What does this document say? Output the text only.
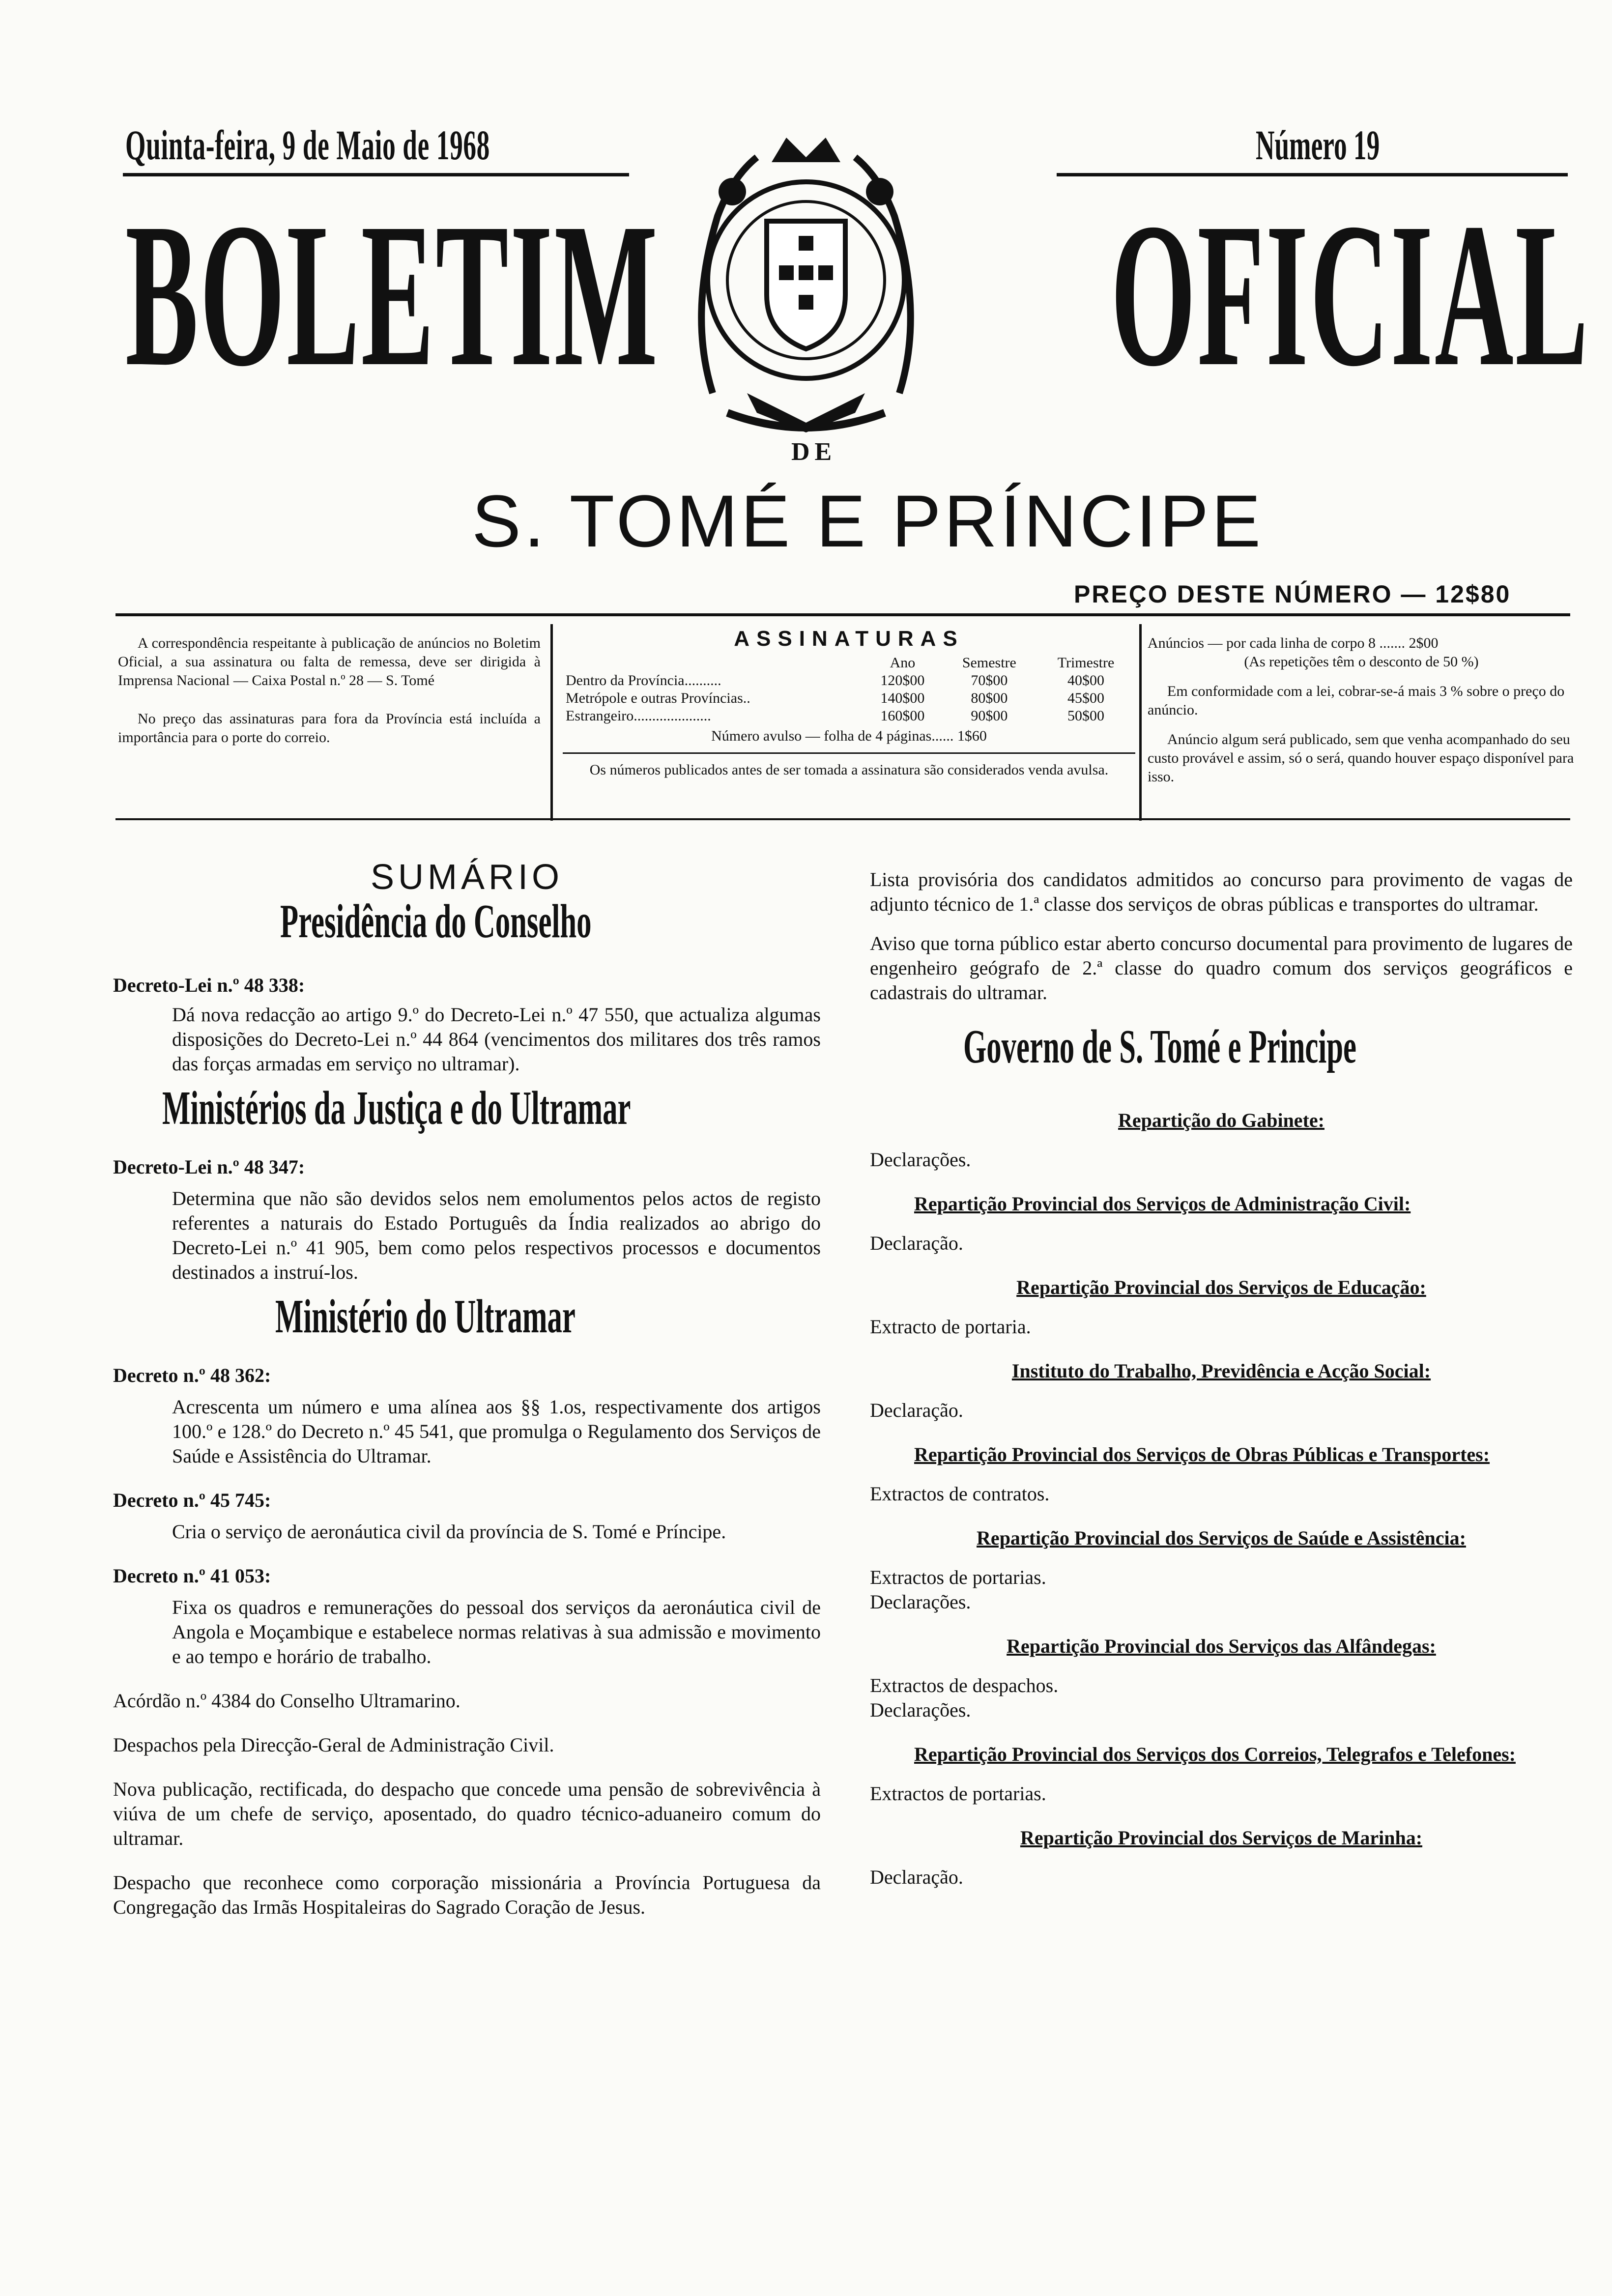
Quinta-feira, 9 de Maio de 1968	Número 19
BOLETIM OFICIAL
DE
S. TOMÉ E PRÍNCIPE
PREÇO DESTE NÚMERO — 12$80
A correspondência respeitante à publicação de anúncios no Boletim Oficial, a sua assinatura ou falta de remessa, deve ser dirigida à Imprensa Nacional — Caixa Postal n.º 28 — S. Tomé
No preço das assinaturas para fora da Província está incluída a importância para o porte do correio.
ASSINATURAS
	Ano	Semestre	Trimestre
Dentro da Província..........	120$00	70$00	40$00
Metrópole e outras Províncias..	140$00	80$00	45$00
Estrangeiro.....................	160$00	90$00	50$00
Número avulso — folha de 4 páginas...... 1$60
Os números publicados antes de ser tomada a assinatura são considerados venda avulsa.
Anúncios — por cada linha de corpo 8 ....... 2$00
(As repetições têm o desconto de 50 %)
Em conformidade com a lei, cobrar-se-á mais 3 % sobre o preço do anúncio.
Anúncio algum será publicado, sem que venha acompanhado do seu custo provável e assim, só o será, quando houver espaço disponível para isso.
SUMÁRIO
Presidência do Conselho
Decreto-Lei n.º 48 338:
Dá nova redacção ao artigo 9.º do Decreto-Lei n.º 47 550, que actualiza algumas disposições do Decreto-Lei n.º 44 864 (vencimentos dos militares dos três ramos das forças armadas em serviço no ultramar).
Ministérios da Justiça e do Ultramar
Decreto-Lei n.º 48 347:
Determina que não são devidos selos nem emolumentos pelos actos de registo referentes a naturais do Estado Português da Índia realizados ao abrigo do Decreto-Lei n.º 41 905, bem como pelos respectivos processos e documentos destinados a instruí-los.
Ministério do Ultramar
Decreto n.º 48 362:
Acrescenta um número e uma alínea aos §§ 1.os, respectivamente dos artigos 100.º e 128.º do Decreto n.º 45 541, que promulga o Regulamento dos Serviços de Saúde e Assistência do Ultramar.
Decreto n.º 45 745:
Cria o serviço de aeronáutica civil da província de S. Tomé e Príncipe.
Decreto n.º 41 053:
Fixa os quadros e remunerações do pessoal dos serviços da aeronáutica civil de Angola e Moçambique e estabelece normas relativas à sua admissão e movimento e ao tempo e horário de trabalho.
Acórdão n.º 4384 do Conselho Ultramarino.
Despachos pela Direcção-Geral de Administração Civil.
Nova publicação, rectificada, do despacho que concede uma pensão de sobrevivência à viúva de um chefe de serviço, aposentado, do quadro técnico-aduaneiro comum do ultramar.
Despacho que reconhece como corporação missionária a Província Portuguesa da Congregação das Irmãs Hospitaleiras do Sagrado Coração de Jesus.
Lista provisória dos candidatos admitidos ao concurso para provimento de vagas de adjunto técnico de 1.ª classe dos serviços de obras públicas e transportes do ultramar.
Aviso que torna público estar aberto concurso documental para provimento de lugares de engenheiro geógrafo de 2.ª classe do quadro comum dos serviços geográficos e cadastrais do ultramar.
Governo de S. Tomé e Principe
Repartição do Gabinete:
Declarações.
Repartição Provincial dos Serviços de Administração Civil:
Declaração.
Repartição Provincial dos Serviços de Educação:
Extracto de portaria.
Instituto do Trabalho, Previdência e Acção Social:
Declaração.
Repartição Provincial dos Serviços de Obras Públicas e Transportes:
Extractos de contratos.
Repartição Provincial dos Serviços de Saúde e Assistência:
Extractos de portarias.
Declarações.
Repartição Provincial dos Serviços das Alfândegas:
Extractos de despachos.
Declarações.
Repartição Provincial dos Serviços dos Correios, Telegrafos e Telefones:
Extractos de portarias.
Repartição Provincial dos Serviços de Marinha:
Declaração.
